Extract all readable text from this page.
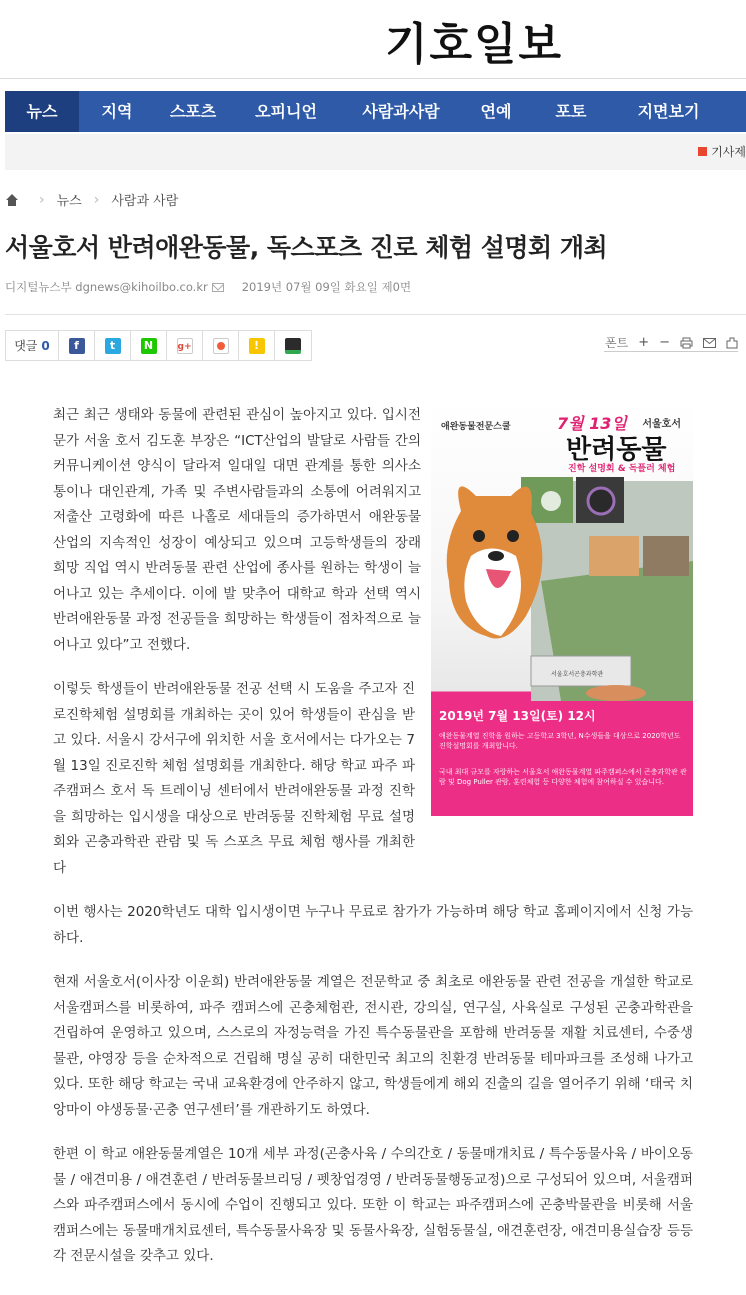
기호일보
뉴스	지역	스포츠	오피니언	사람과사람	연예	포토	지면보기
기사제
› 뉴스 › 사람과 사람
서울호서 반려애완동물, 독스포츠 진로 체험 설명회 개최
디지털뉴스부 dgnews@kihoilbo.co.kr	2019년 07월 09일 화요일 제0면
댓글 0	f	t	N	g+	!	폰트 + −
애완동물전문스쿨	7월 13일 서울호서
반려동물
진학 설명회 & 독플러 체험
서울호서곤충과학관
2019년 7월 13일(토) 12시
애완동물계열 진학을 원하는 고등학교 3학년, N수생들을 대상으로 2020학년도 진학설명회를 개최합니다.
국내 최대 규모를 자랑하는 서울호서 애완동물계열 파주캠퍼스에서 곤충과학관 관람 및 Dog Puller 관람, 훈련체험 등 다양한 체험에 참여하실 수 있습니다.

최근 최근 생태와 동물에 관련된 관심이 높아지고 있다. 입시전문가 서울 호서 김도훈 부장은 “ICT산업의 발달로 사람들 간의 커뮤니케이션 양식이 달라져 일대일 대면 관계를 통한 의사소통이나 대인관계, 가족 및 주변사람들과의 소통에 어려워지고 저출산 고령화에 따른 나홀로 세대들의 증가하면서 애완동물 산업의 지속적인 성장이 예상되고 있으며 고등학생들의 장래 희망 직업 역시 반려동물 관련 산업에 종사를 원하는 학생이 늘어나고 있는 추세이다. 이에 발 맞추어 대학교 학과 선택 역시 반려애완동물 과정 전공들을 희망하는 학생들이 점차적으로 늘어나고 있다”고 전했다.

이렇듯 학생들이 반려애완동물 전공 선택 시 도움을 주고자 진로진학체험 설명회를 개최하는 곳이 있어 학생들이 관심을 받고 있다. 서울시 강서구에 위치한 서울 호서에서는 다가오는 7월 13일 진로진학 체험 설명회를 개최한다. 해당 학교 파주 파주캠퍼스 호서 독 트레이닝 센터에서 반려애완동물 과정 진학을 희망하는 입시생을 대상으로 반려동물 진학체험 무료 설명회와 곤충과학관 관람 및 독 스포츠 무료 체험 행사를 개최한다

이번 행사는 2020학년도 대학 입시생이면 누구나 무료로 참가가 가능하며 해당 학교 홈페이지에서 신청 가능하다.

현재 서울호서(이사장 이운희) 반려애완동물 계열은 전문학교 중 최초로 애완동물 관련 전공을 개설한 학교로 서울캠퍼스를 비롯하여, 파주 캠퍼스에 곤충체험관, 전시관, 강의실, 연구실, 사육실로 구성된 곤충과학관을 건립하여 운영하고 있으며, 스스로의 자정능력을 가진 특수동물관을 포함해 반려동물 재활 치료센터, 수중생물관, 야영장 등을 순차적으로 건립해 명실 공히 대한민국 최고의 친환경 반려동물 테마파크를 조성해 나가고 있다. 또한 해당 학교는 국내 교육환경에 안주하지 않고, 학생들에게 해외 진출의 길을 열어주기 위해 ‘태국 치앙마이 야생동물·곤충 연구센터’를 개관하기도 하였다.

한편 이 학교 애완동물계열은 10개 세부 과정(곤충사육 / 수의간호 / 동물매개치료 / 특수동물사육 / 바이오동물 / 애견미용 / 애견훈련 / 반려동물브리딩 / 펫창업경영 / 반려동물행동교정)으로 구성되어 있으며, 서울캠퍼스와 파주캠퍼스에서 동시에 수업이 진행되고 있다. 또한 이 학교는 파주캠퍼스에 곤충박물관을 비롯해 서울캠퍼스에는 동물매개치료센터, 특수동물사육장 및 동물사육장, 실험동물실, 애견훈련장, 애견미용실습장 등등 각 전문시설을 갖추고 있다.
